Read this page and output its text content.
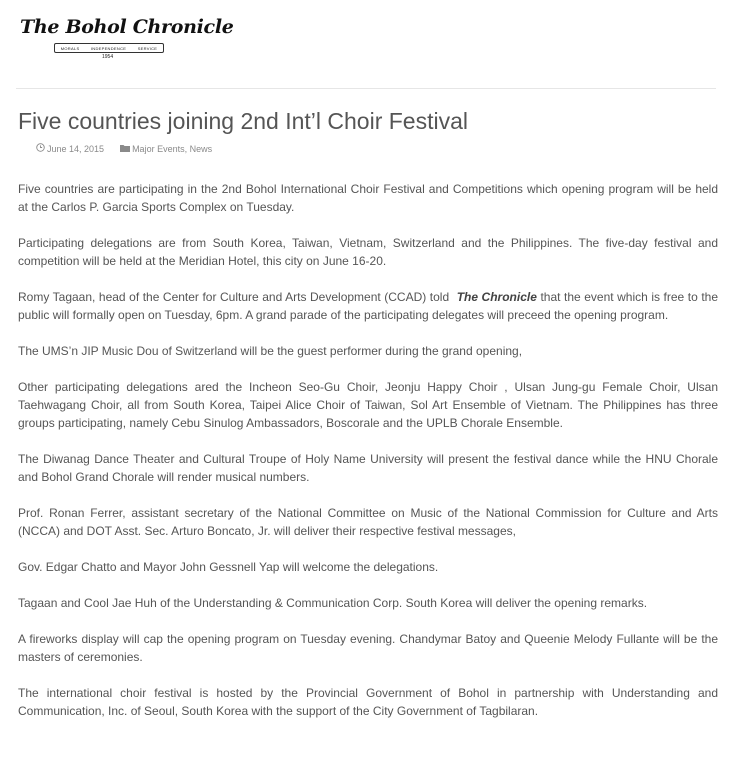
The Bohol Chronicle
MORALS	INDEPENDENCE	SERVICE
1954
Five countries joining 2nd Int’l Choir Festival
June 14, 2015	Major Events , News

Five countries are participating in the 2nd Bohol International Choir Festival and Competitions which opening program will be held at the Carlos P. Garcia Sports Complex on Tuesday.

Participating delegations are from South Korea, Taiwan, Vietnam, Switzerland and the Philippines. The five-day festival and competition will be held at the Meridian Hotel, this city on June 16-20.

Romy Tagaan, head of the Center for Culture and Arts Development (CCAD) told The Chronicle that the event which is free to the public will formally open on Tuesday, 6pm. A grand parade of the participating delegates will preceed the opening program.

The UMS’n JIP Music Dou of Switzerland will be the guest performer during the grand opening,

Other participating delegations ared the Incheon Seo-Gu Choir, Jeonju Happy Choir , Ulsan Jung-gu Female Choir, Ulsan Taehwagang Choir, all from South Korea, Taipei Alice Choir of Taiwan, Sol Art Ensemble of Vietnam. The Philippines has three groups participating, namely Cebu Sinulog Ambassadors, Boscorale and the UPLB Chorale Ensemble.

The Diwanag Dance Theater and Cultural Troupe of Holy Name University will present the festival dance while the HNU Chorale and Bohol Grand Chorale will render musical numbers.

Prof. Ronan Ferrer, assistant secretary of the National Committee on Music of the National Commission for Culture and Arts (NCCA) and DOT Asst. Sec. Arturo Boncato, Jr. will deliver their respective festival messages,

Gov. Edgar Chatto and Mayor John Gessnell Yap will welcome the delegations.

Tagaan and Cool Jae Huh of the Understanding & Communication Corp. South Korea will deliver the opening remarks.

A fireworks display will cap the opening program on Tuesday evening. Chandymar Batoy and Queenie Melody Fullante will be the masters of ceremonies.

The international choir festival is hosted by the Provincial Government of Bohol in partnership with Understanding and Communication, Inc. of Seoul, South Korea with the support of the City Government of Tagbilaran.
